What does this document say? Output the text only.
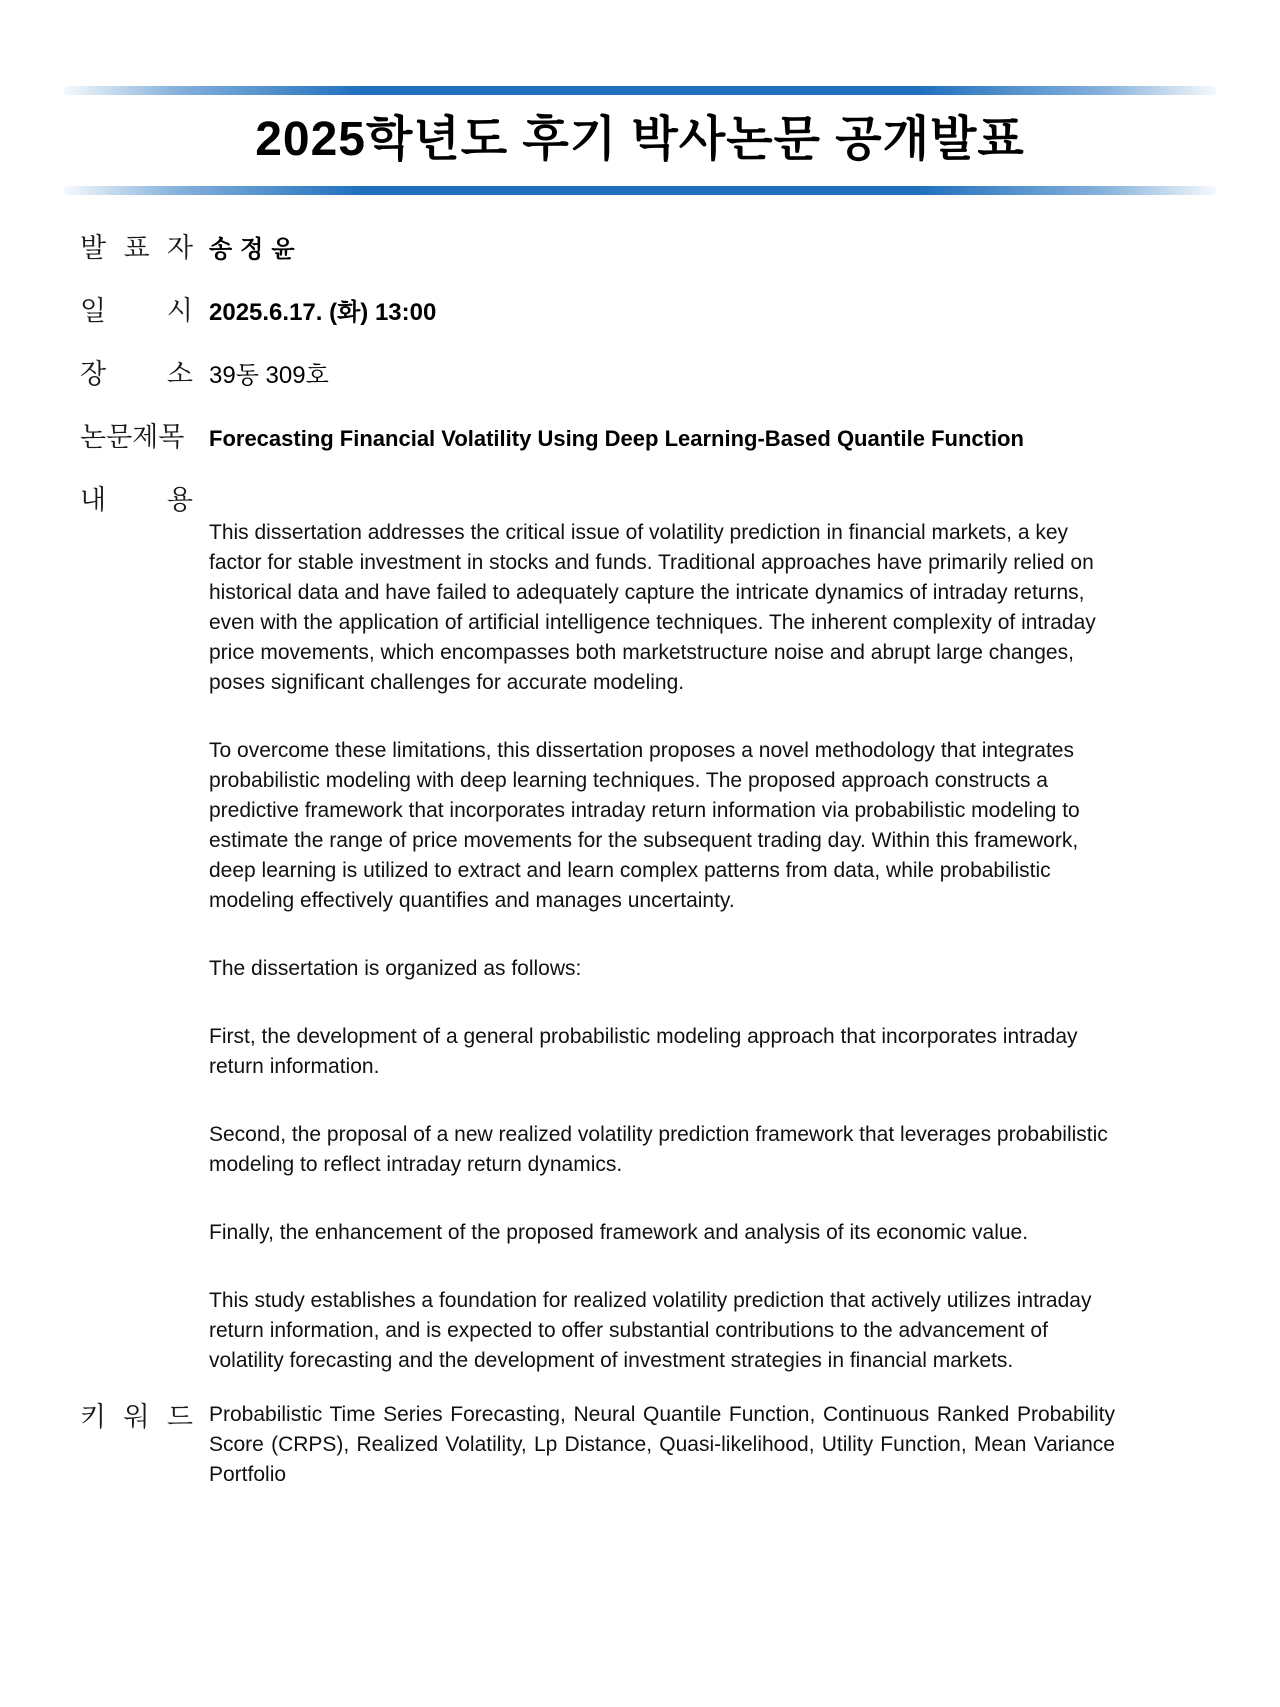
2025학년도 후기 박사논문 공개발표
발 표 자 송정윤
일 시 2025.6.17. (화) 13:00
장 소 39동 309호
논문제목	Forecasting Financial Volatility Using Deep Learning-Based Quantile Function
내 용

This dissertation addresses the critical issue of volatility prediction in financial markets, a key factor for stable investment in stocks and funds. Traditional approaches have primarily relied on historical data and have failed to adequately capture the intricate dynamics of intraday returns, even with the application of artificial intelligence techniques. The inherent complexity of intraday price movements, which encompasses both marketstructure noise and abrupt large changes, poses significant challenges for accurate modeling.

To overcome these limitations, this dissertation proposes a novel methodology that integrates probabilistic modeling with deep learning techniques. The proposed approach constructs a predictive framework that incorporates intraday return information via probabilistic modeling to estimate the range of price movements for the subsequent trading day. Within this framework, deep learning is utilized to extract and learn complex patterns from data, while probabilistic modeling effectively quantifies and manages uncertainty.

The dissertation is organized as follows:

First, the development of a general probabilistic modeling approach that incorporates intraday return information.

Second, the proposal of a new realized volatility prediction framework that leverages probabilistic modeling to reflect intraday return dynamics.

Finally, the enhancement of the proposed framework and analysis of its economic value.

This study establishes a foundation for realized volatility prediction that actively utilizes intraday return information, and is expected to offer substantial contributions to the advancement of volatility forecasting and the development of investment strategies in financial markets.

키 워 드 Probabilistic Time Series Forecasting, Neural Quantile Function, Continuous Ranked Probability Score (CRPS), Realized Volatility, Lp Distance, Quasi-likelihood, Utility Function, Mean Variance Portfolio
